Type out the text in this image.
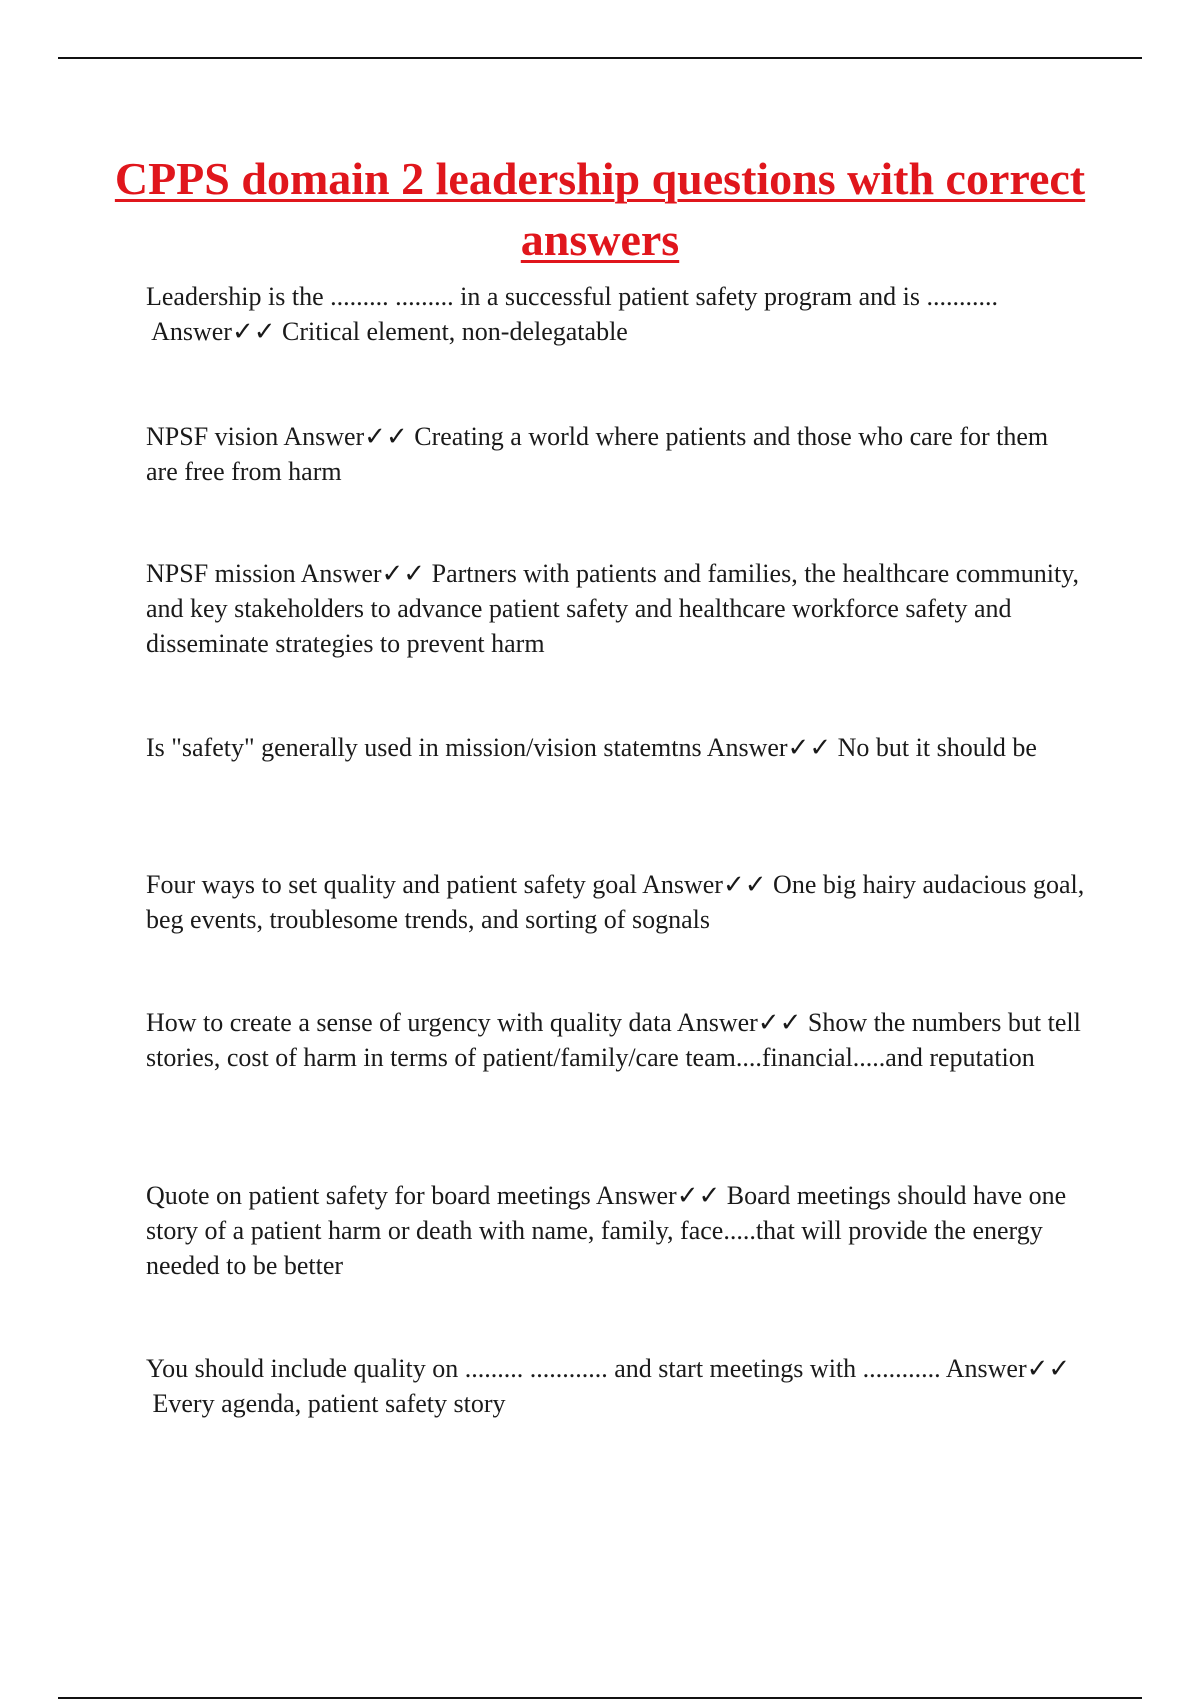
CPPS domain 2 leadership questions with correct answers

Leadership is the ......... ......... in a successful patient safety program and is ........... Answer✓✓ Critical element, non-delegatable

NPSF vision Answer✓✓ Creating a world where patients and those who care for them are free from harm

NPSF mission Answer✓✓ Partners with patients and families, the healthcare community, and key stakeholders to advance patient safety and healthcare workforce safety and disseminate strategies to prevent harm

Is "safety" generally used in mission/vision statemtns Answer✓✓ No but it should be

Four ways to set quality and patient safety goal Answer✓✓ One big hairy audacious goal, beg events, troublesome trends, and sorting of sognals

How to create a sense of urgency with quality data Answer✓✓ Show the numbers but tell stories, cost of harm in terms of patient/family/care team....financial.....and reputation

Quote on patient safety for board meetings Answer✓✓ Board meetings should have one story of a patient harm or death with name, family, face.....that will provide the energy needed to be better

You should include quality on ......... ............ and start meetings with ............ Answer✓✓ Every agenda, patient safety story
